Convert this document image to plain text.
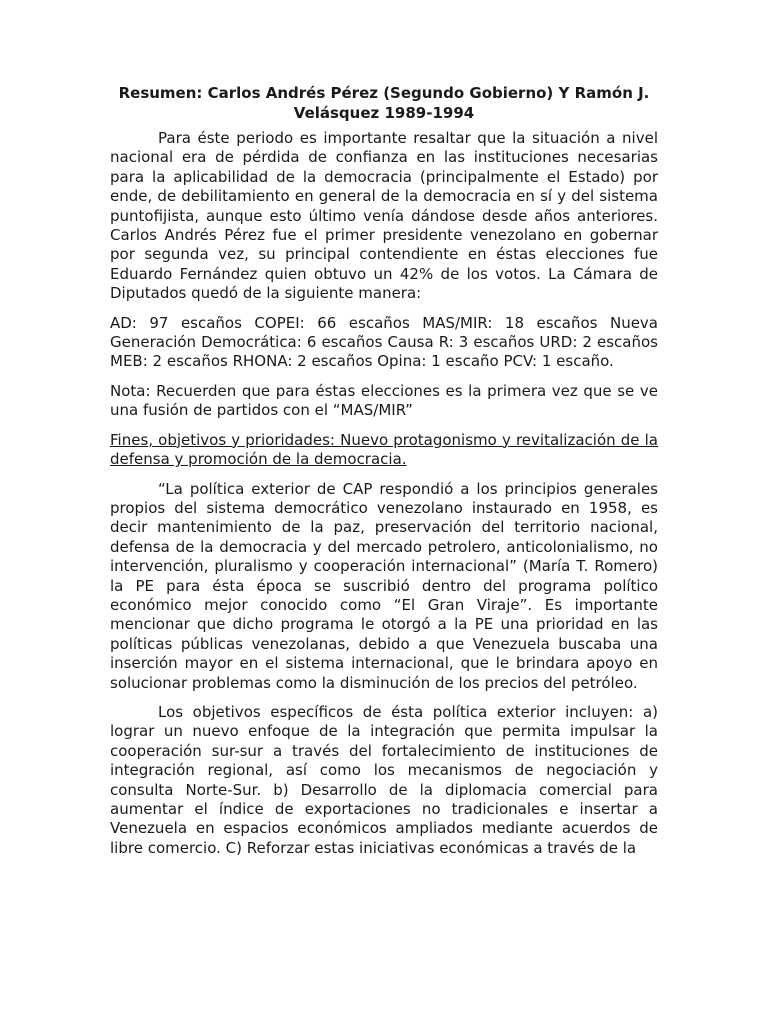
Resumen: Carlos Andrés Pérez (Segundo Gobierno) Y Ramón J. Velásquez 1989-1994

Para éste periodo es importante resaltar que la situación a nivel nacional era de pérdida de confianza en las instituciones necesarias para la aplicabilidad de la democracia (principalmente el Estado) por ende, de debilitamiento en general de la democracia en sí y del sistema puntofijista, aunque esto último venía dándose desde años anteriores. Carlos Andrés Pérez fue el primer presidente venezolano en gobernar por segunda vez, su principal contendiente en éstas elecciones fue Eduardo Fernández quien obtuvo un 42% de los votos. La Cámara de Diputados quedó de la siguiente manera:

AD: 97 escaños COPEI: 66 escaños MAS/MIR: 18 escaños Nueva Generación Democrática: 6 escaños Causa R: 3 escaños URD: 2 escaños MEB: 2 escaños RHONA: 2 escaños Opina: 1 escaño PCV: 1 escaño.

Nota: Recuerden que para éstas elecciones es la primera vez que se ve una fusión de partidos con el “MAS/MIR”

Fines, objetivos y prioridades: Nuevo protagonismo y revitalización de la defensa y promoción de la democracia.

“La política exterior de CAP respondió a los principios generales propios del sistema democrático venezolano instaurado en 1958, es decir mantenimiento de la paz, preservación del territorio nacional, defensa de la democracia y del mercado petrolero, anticolonialismo, no intervención, pluralismo y cooperación internacional” (María T. Romero) la PE para ésta época se suscribió dentro del programa político económico mejor conocido como “El Gran Viraje”. Es importante mencionar que dicho programa le otorgó a la PE una prioridad en las políticas públicas venezolanas, debido a que Venezuela buscaba una inserción mayor en el sistema internacional, que le brindara apoyo en solucionar problemas como la disminución de los precios del petróleo.

Los objetivos específicos de ésta política exterior incluyen: a) lograr un nuevo enfoque de la integración que permita impulsar la cooperación sur-sur a través del fortalecimiento de instituciones de integración regional, así como los mecanismos de negociación y consulta Norte-Sur. b) Desarrollo de la diplomacia comercial para aumentar el índice de exportaciones no tradicionales e insertar a Venezuela en espacios económicos ampliados mediante acuerdos de libre comercio. C) Reforzar estas iniciativas económicas a través de la
